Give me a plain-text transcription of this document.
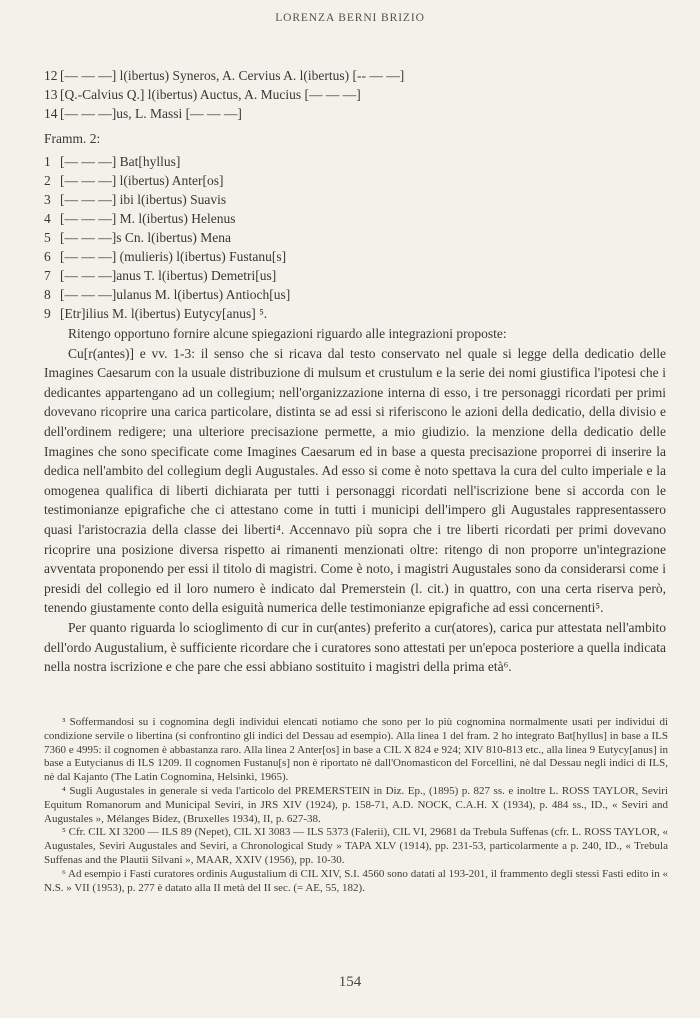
LORENZA BERNI BRIZIO
12 [— — —] l(ibertus) Syneros, A. Cervius A. l(ibertus) [-- — —]
13 [Q.-Calvius Q.] l(ibertus) Auctus, A. Mucius [— — —]
14 [— — —]us, L. Massi [— — —]
Framm. 2:
1 [— — —] Bat[hyllus]
2 [— — —] l(ibertus) Anter[os]
3 [— — —] ibi l(ibertus) Suavis
4 [— — —] M. l(ibertus) Helenus
5 [— — —]s Cn. l(ibertus) Mena
6 [— — —] (mulieris) l(ibertus) Fustanu[s]
7 [— — —]anus T. l(ibertus) Demetri[us]
8 [— — —]ulanus M. l(ibertus) Antioch[us]
9 [Etr]ilius M. l(ibertus) Eutycy[anus] ⁵.

Ritengo opportuno fornire alcune spiegazioni riguardo alle integrazioni proposte:

Cu[r(antes)] e vv. 1-3: il senso che si ricava dal testo conservato nel quale si legge della dedicatio delle Imagines Caesarum con la usuale distribuzione di mulsum et crustulum e la serie dei nomi giustifica l'ipotesi che i dedicantes appartengano ad un collegium; nell'organizzazione interna di esso, i tre personaggi ricordati per primi dovevano ricoprire una carica particolare, distinta se ad essi si riferiscono le azioni della dedicatio, della divisio e dell'ordinem redigere; una ulteriore precisazione permette, a mio giudizio. la menzione della dedicatio delle Imagines che sono specificate come Imagines Caesarum ed in base a questa precisazione proporrei di inserire la dedica nell'ambito del collegium degli Augustales. Ad esso si come è noto spettava la cura del culto imperiale e la omogenea qualifica di liberti dichiarata per tutti i personaggi ricordati nell'iscrizione bene si accorda con le testimonianze epigrafiche che ci attestano come in tutti i municipi dell'impero gli Augustales rappresentassero quasi l'aristocrazia della classe dei liberti⁴. Accennavo più sopra che i tre liberti ricordati per primi dovevano ricoprire una posizione diversa rispetto ai rimanenti menzionati oltre: ritengo di non proporre un'integrazione avventata proponendo per essi il titolo di magistri. Come è noto, i magistri Augustales sono da considerarsi come i presidi del collegio ed il loro numero è indicato dal Premerstein (l. cit.) in quattro, con una certa riserva però, tenendo giustamente conto della esiguità numerica delle testimonianze epigrafiche ad essi concernenti⁵.

Per quanto riguarda lo scioglimento di cur in cur(antes) preferito a cur(atores), carica pur attestata nell'ambito dell'ordo Augustalium, è sufficiente ricordare che i curatores sono attestati per un'epoca posteriore a quella indicata nella nostra iscrizione e che pare che essi abbiano sostituito i magistri della prima età⁶.

³ Soffermandosi su i cognomina degli individui elencati notiamo che sono per lo più cognomina normalmente usati per individui di condizione servile o libertina (si confrontino gli indici del Dessau ad esempio). Alla linea 1 del fram. 2 ho integrato Bat[hyllus] in base a ILS 7360 e 4995: il cognomen è abbastanza raro. Alla linea 2 Anter[os] in base a CIL X 824 e 924; XIV 810-813 etc., alla linea 9 Eutycy[anus] in base a Eutycianus di ILS 1209. Il cognomen Fustanu[s] non è riportato nè dall'Onomasticon del Forcellini, nè dal Dessau negli indici di ILS, nè dal Kajanto (The Latin Cognomina, Helsinki, 1965).

⁴ Sugli Augustales in generale si veda l'articolo del PREMERSTEIN in Diz. Ep., (1895) p. 827 ss. e inoltre L. ROSS TAYLOR, Seviri Equitum Romanorum and Municipal Seviri, in JRS XIV (1924), p. 158-71, A.D. NOCK, C.A.H. X (1934), p. 484 ss., ID., « Seviri and Augustales », Mélanges Bidez, (Bruxelles 1934), II, p. 627-38.

⁵ Cfr. CIL XI 3200 — ILS 89 (Nepet), CIL XI 3083 — ILS 5373 (Falerii), CIL VI, 29681 da Trebula Suffenas (cfr. L. ROSS TAYLOR, « Augustales, Seviri Augustales and Seviri, a Chronological Study » TAPA XLV (1914), pp. 231-53, particolarmente a p. 240, ID., « Trebula Suffenas and the Plautii Silvani », MAAR, XXIV (1956), pp. 10-30.

⁶ Ad esempio i Fasti curatores ordinis Augustalium di CIL XIV, S.I. 4560 sono datati al 193-201, il frammento degli stessi Fasti edito in « N.S. » VII (1953), p. 277 è datato alla II metà del II sec. (= AE, 55, 182).

154
